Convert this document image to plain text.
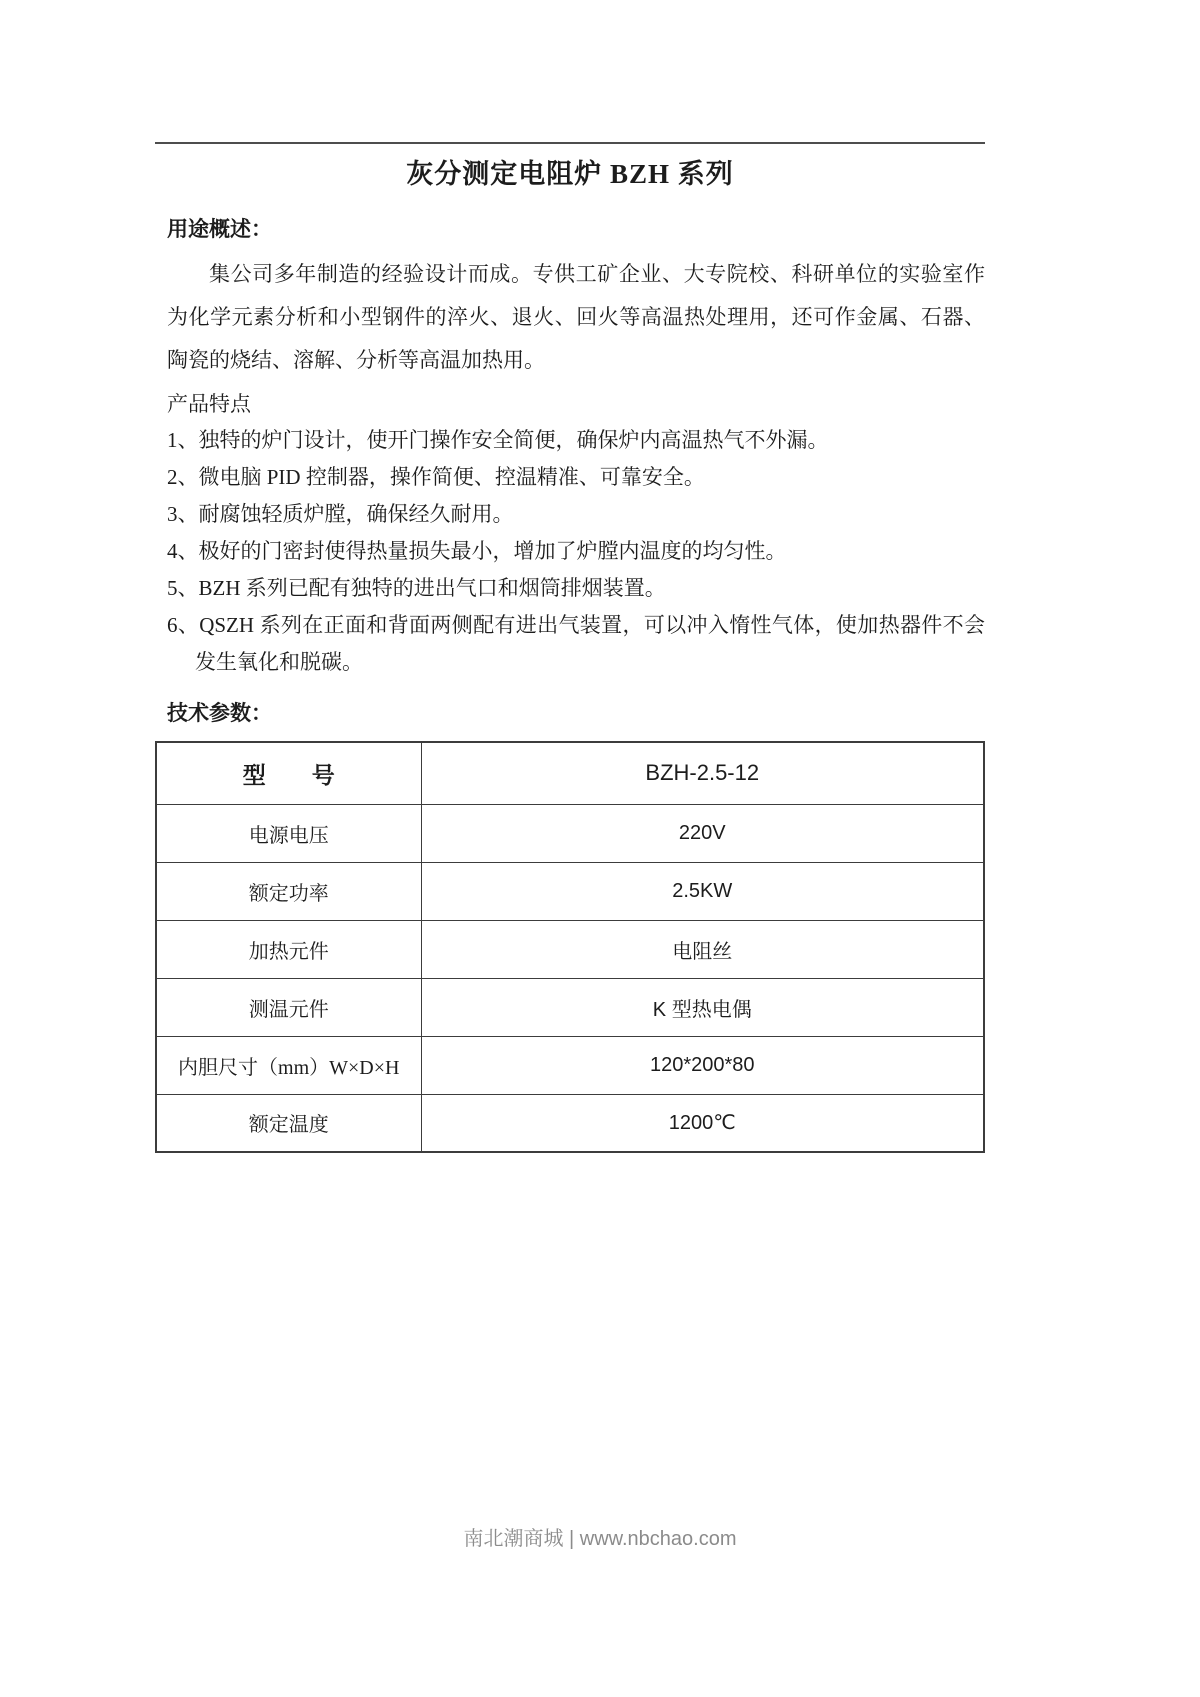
灰分测定电阻炉 BZH 系列
用途概述：

集公司多年制造的经验设计而成。专供工矿企业、大专院校、科研单位的实验室作为化学元素分析和小型钢件的淬火、退火、回火等高温热处理用，还可作金属、石器、陶瓷的烧结、溶解、分析等高温加热用。

产品特点

1、独特的炉门设计，使开门操作安全简便，确保炉内高温热气不外漏。
2、微电脑 PID 控制器，操作简便、控温精准、可靠安全。
3、耐腐蚀轻质炉膛，确保经久耐用。
4、极好的门密封使得热量损失最小，增加了炉膛内温度的均匀性。
5、BZH 系列已配有独特的进出气口和烟筒排烟装置。
6、QSZH 系列在正面和背面两侧配有进出气装置，可以冲入惰性气体，使加热器件不会发生氧化和脱碳。
技术参数：
型　　号	BZH-2.5-12
电源电压	220V
额定功率	2.5KW
加热元件	电阻丝
测温元件	K 型热电偶
内胆尺寸（mm）W×D×H	120*200*80
额定温度	1200℃
南北潮商城 | www.nbchao.com
